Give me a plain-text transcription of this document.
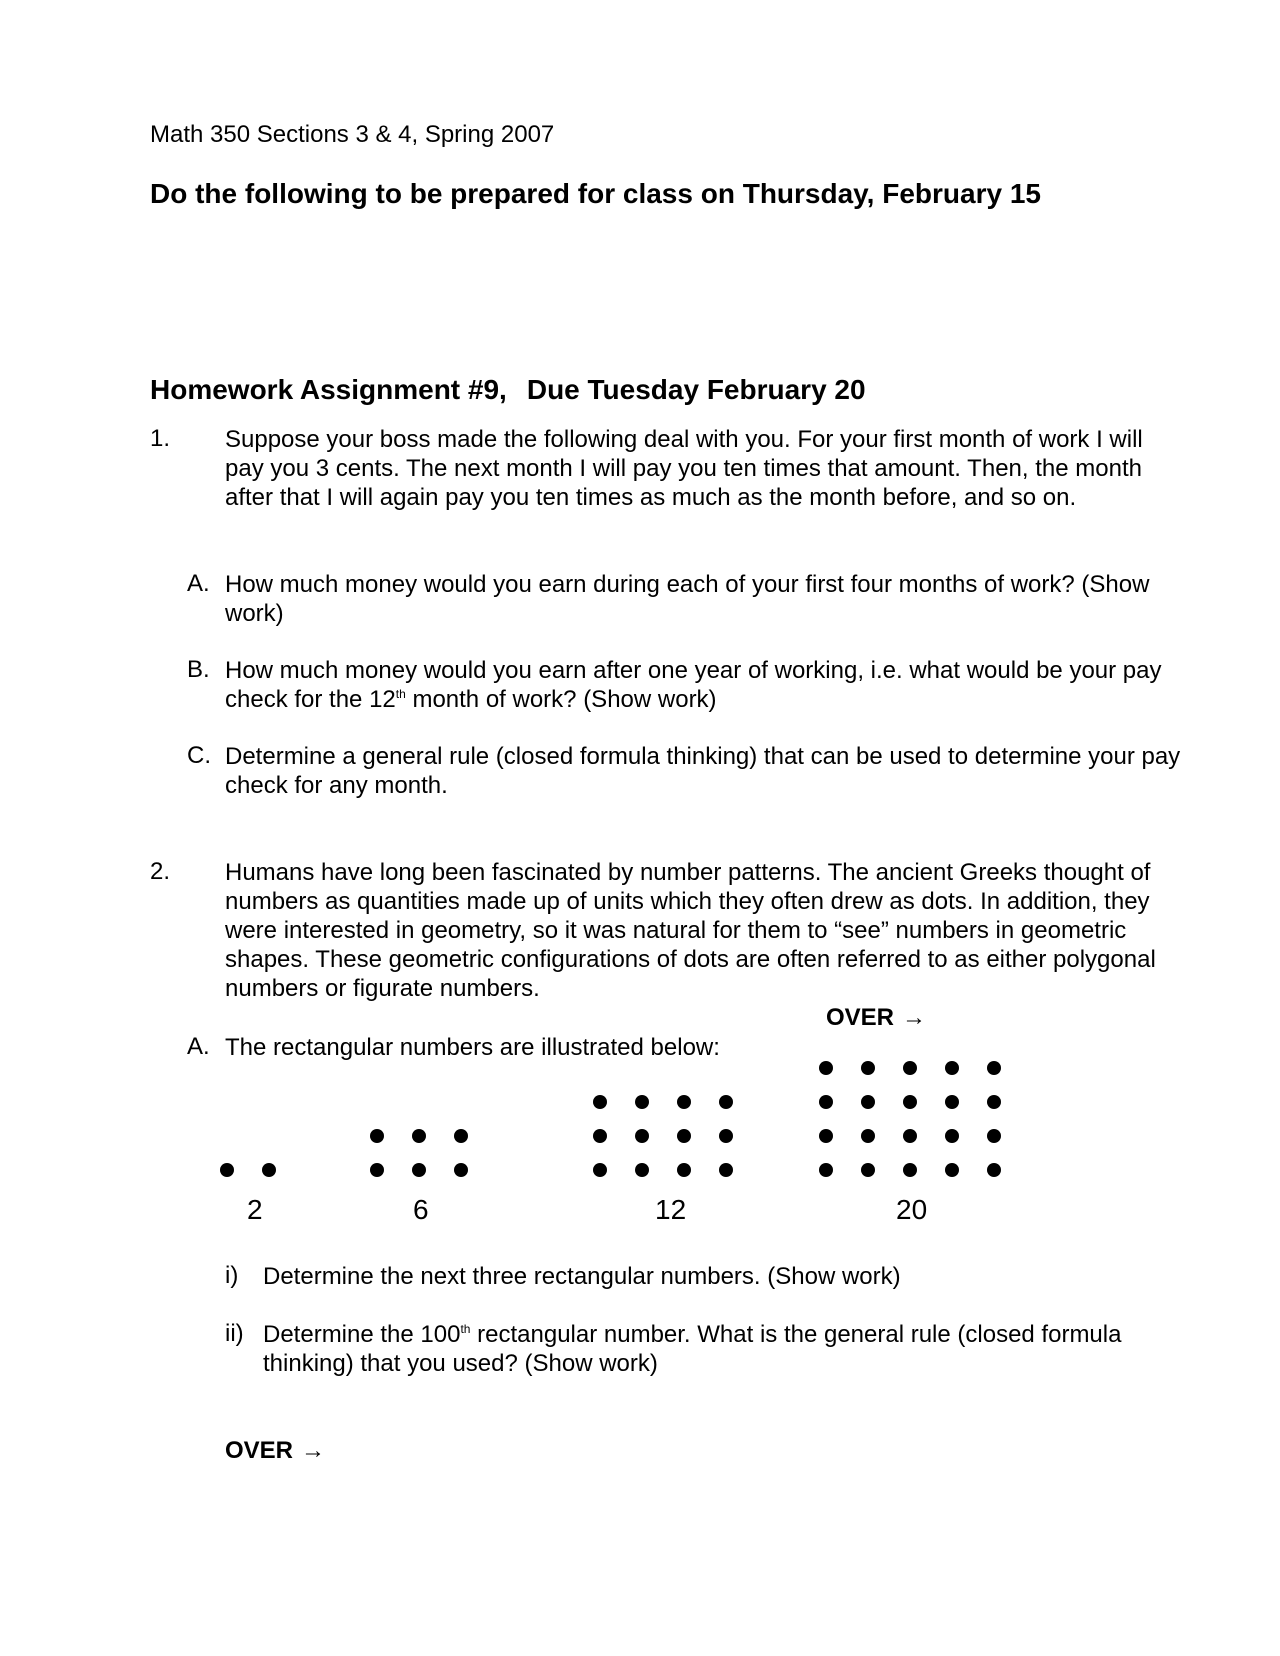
Math 350 Sections 3 & 4, Spring 2007
Do the following to be prepared for class on Thursday, February 15
Homework Assignment #9, Due Tuesday February 20
1. Suppose your boss made the following deal with you. For your first month of work I will pay you 3 cents. The next month I will pay you ten times that amount. Then, the month after that I will again pay you ten times as much as the month before, and so on.
A. How much money would you earn during each of your first four months of work? (Show work)
B. How much money would you earn after one year of working, i.e. what would be your pay check for the 12th month of work? (Show work)
C. Determine a general rule (closed formula thinking) that can be used to determine your pay check for any month.
2. Humans have long been fascinated by number patterns. The ancient Greeks thought of numbers as quantities made up of units which they often drew as dots. In addition, they were interested in geometry, so it was natural for them to “see” numbers in geometric shapes. These geometric configurations of dots are often referred to as either polygonal numbers or figurate numbers.
OVER →
A. The rectangular numbers are illustrated below:
2	6	12	20
i) Determine the next three rectangular numbers. (Show work)
ii) Determine the 100th rectangular number. What is the general rule (closed formula thinking) that you used? (Show work)
OVER →
